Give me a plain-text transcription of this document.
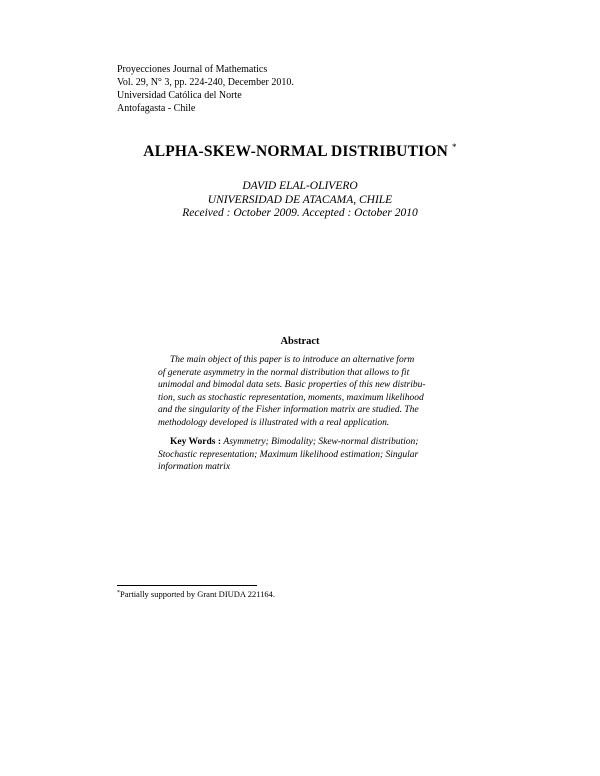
Proyecciones Journal of Mathematics
Vol. 29, N° 3, pp. 224-240, December 2010.
Universidad Católica del Norte
Antofagasta - Chile
ALPHA-SKEW-NORMAL DISTRIBUTION *
DAVID ELAL-OLIVERO
UNIVERSIDAD DE ATACAMA, CHILE
Received : October 2009. Accepted : October 2010
Abstract
The main object of this paper is to introduce an alternative form
of generate asymmetry in the normal distribution that allows to fit
unimodal and bimodal data sets. Basic properties of this new distribu-
tion, such as stochastic representation, moments, maximum likelihood
and the singularity of the Fisher information matrix are studied. The
methodology developed is illustrated with a real application.
Key Words : Asymmetry; Bimodality; Skew-normal distribution;
Stochastic representation; Maximum likelihood estimation; Singular
information matrix
*Partially supported by Grant DIUDA 221164.
